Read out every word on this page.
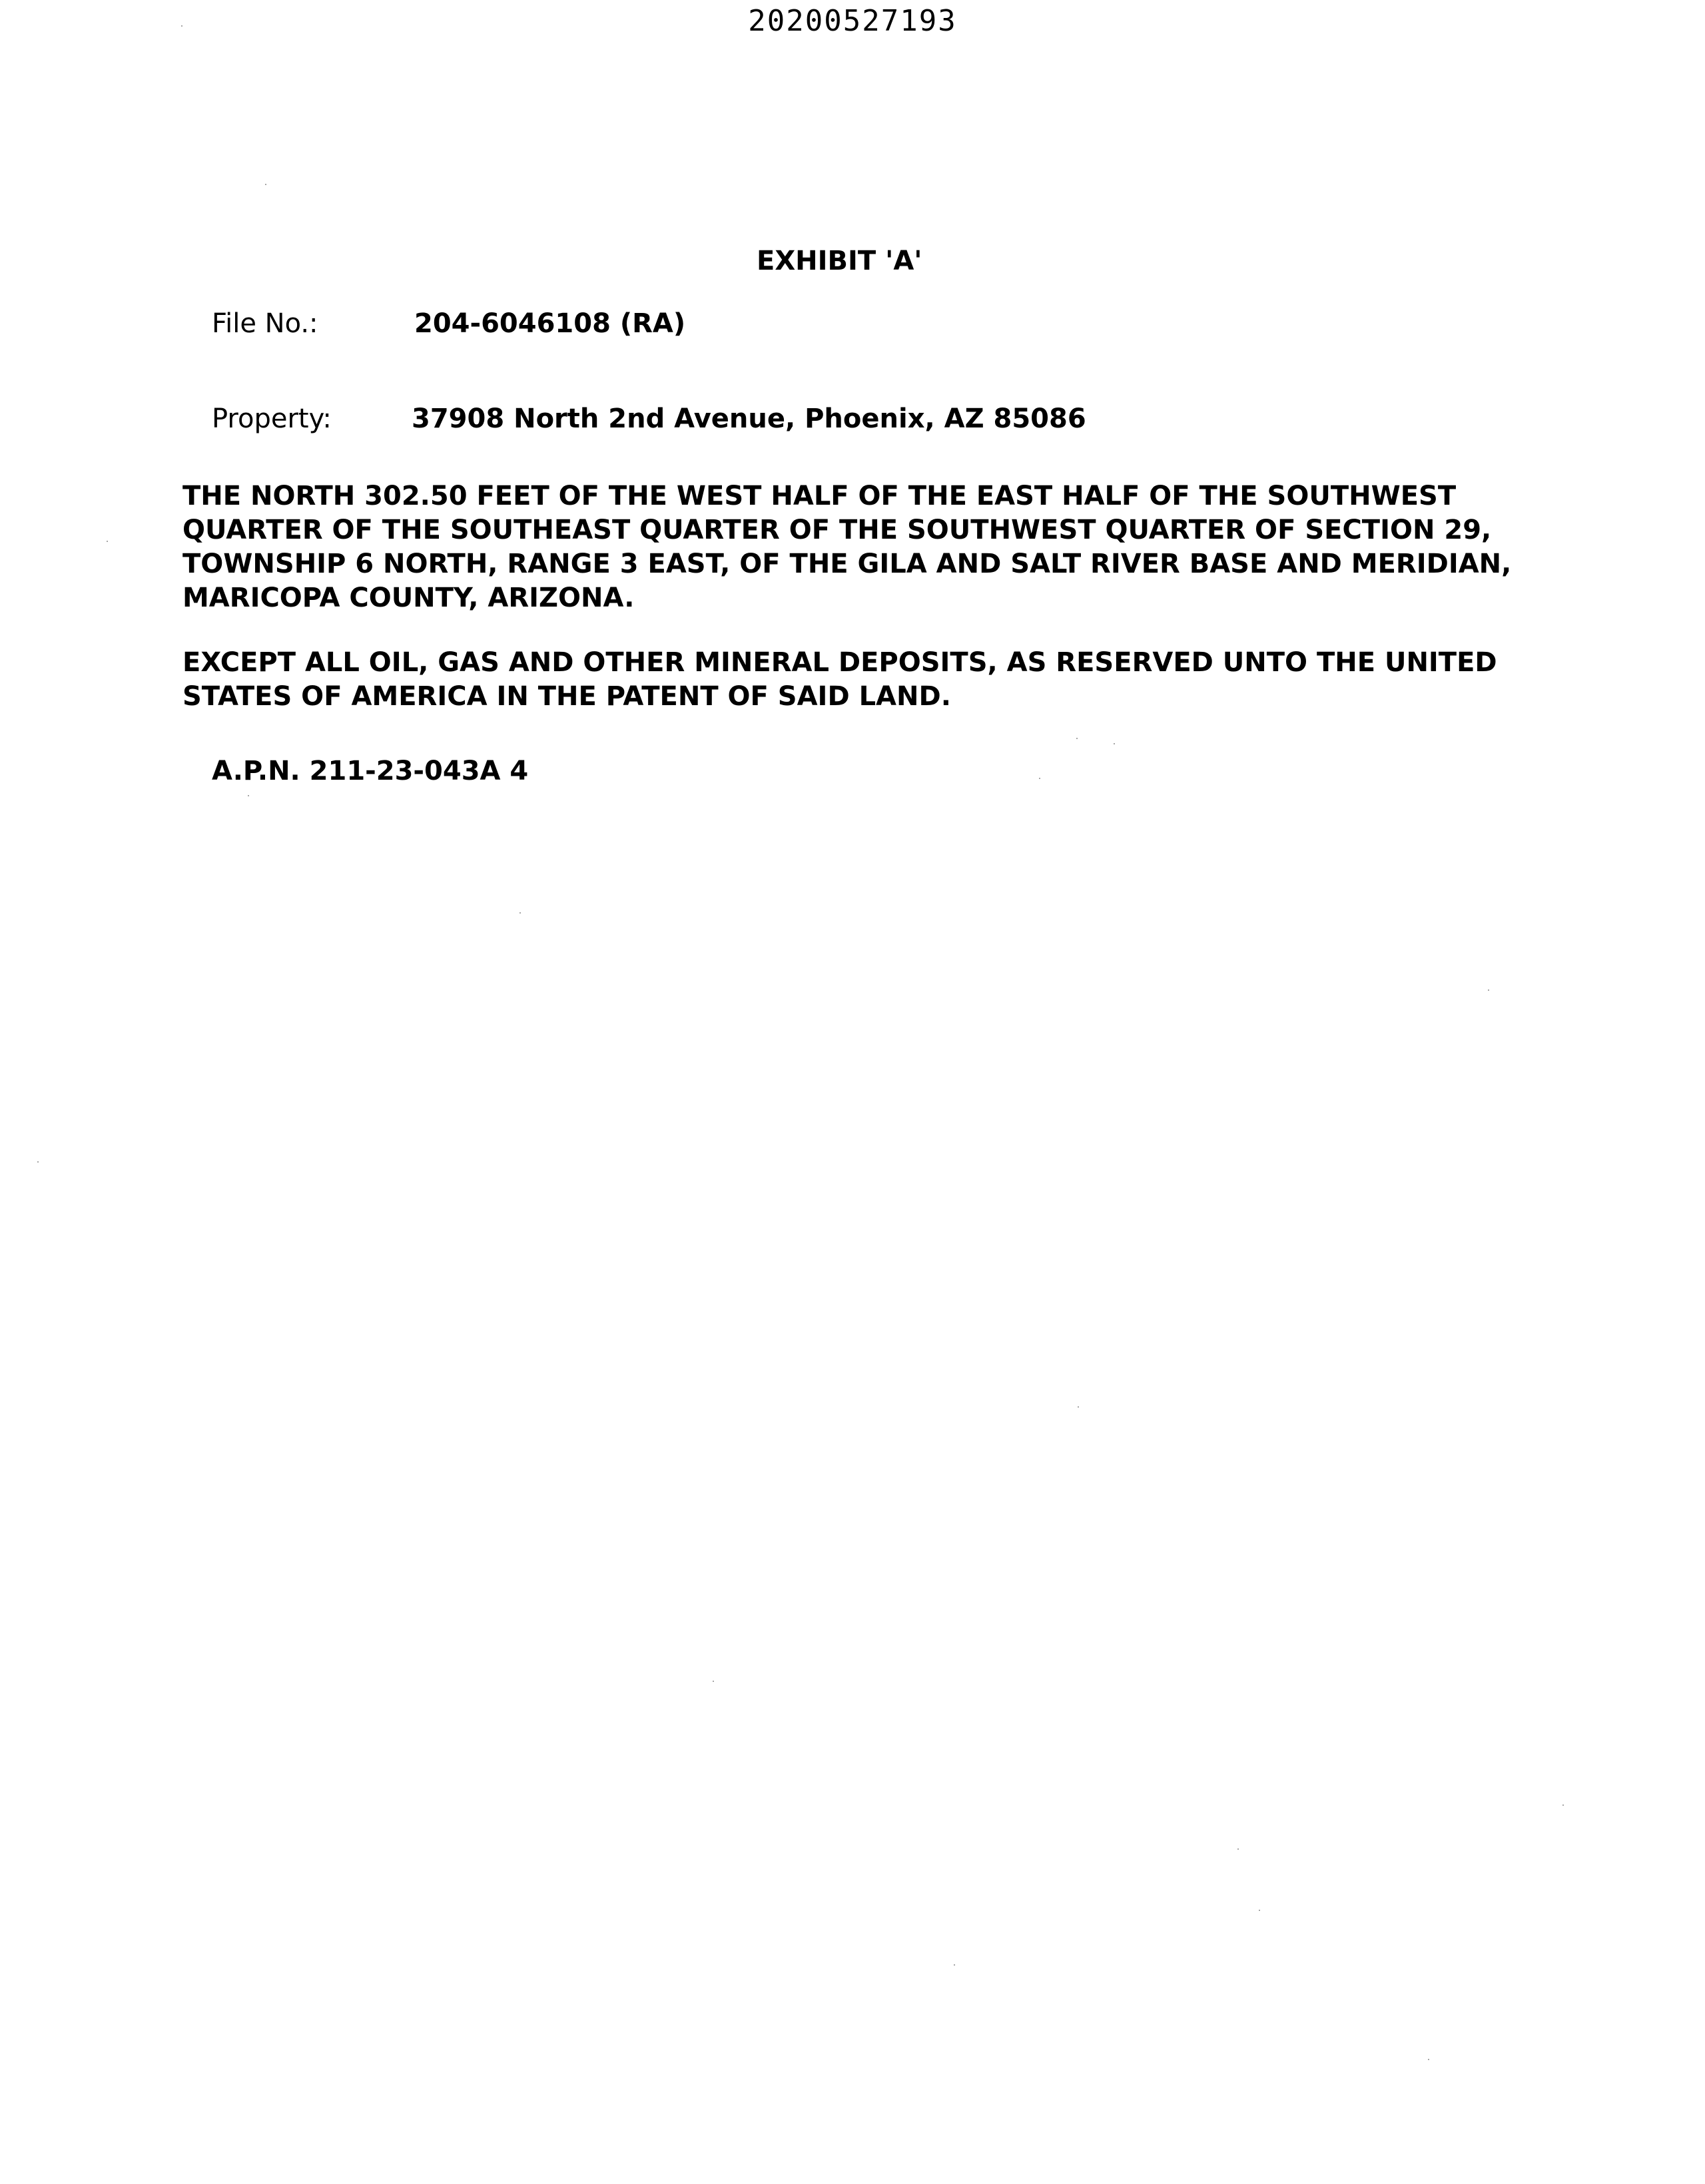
20200527193
EXHIBIT 'A'
File No.:	204-6046108 (RA)
Property:	37908 North 2nd Avenue, Phoenix, AZ 85086

THE NORTH 302.50 FEET OF THE WEST HALF OF THE EAST HALF OF THE SOUTHWEST
QUARTER OF THE SOUTHEAST QUARTER OF THE SOUTHWEST QUARTER OF SECTION 29,
TOWNSHIP 6 NORTH, RANGE 3 EAST, OF THE GILA AND SALT RIVER BASE AND MERIDIAN,
MARICOPA COUNTY, ARIZONA.

EXCEPT ALL OIL, GAS AND OTHER MINERAL DEPOSITS, AS RESERVED UNTO THE UNITED
STATES OF AMERICA IN THE PATENT OF SAID LAND.

A.P.N. 211-23-043A 4
